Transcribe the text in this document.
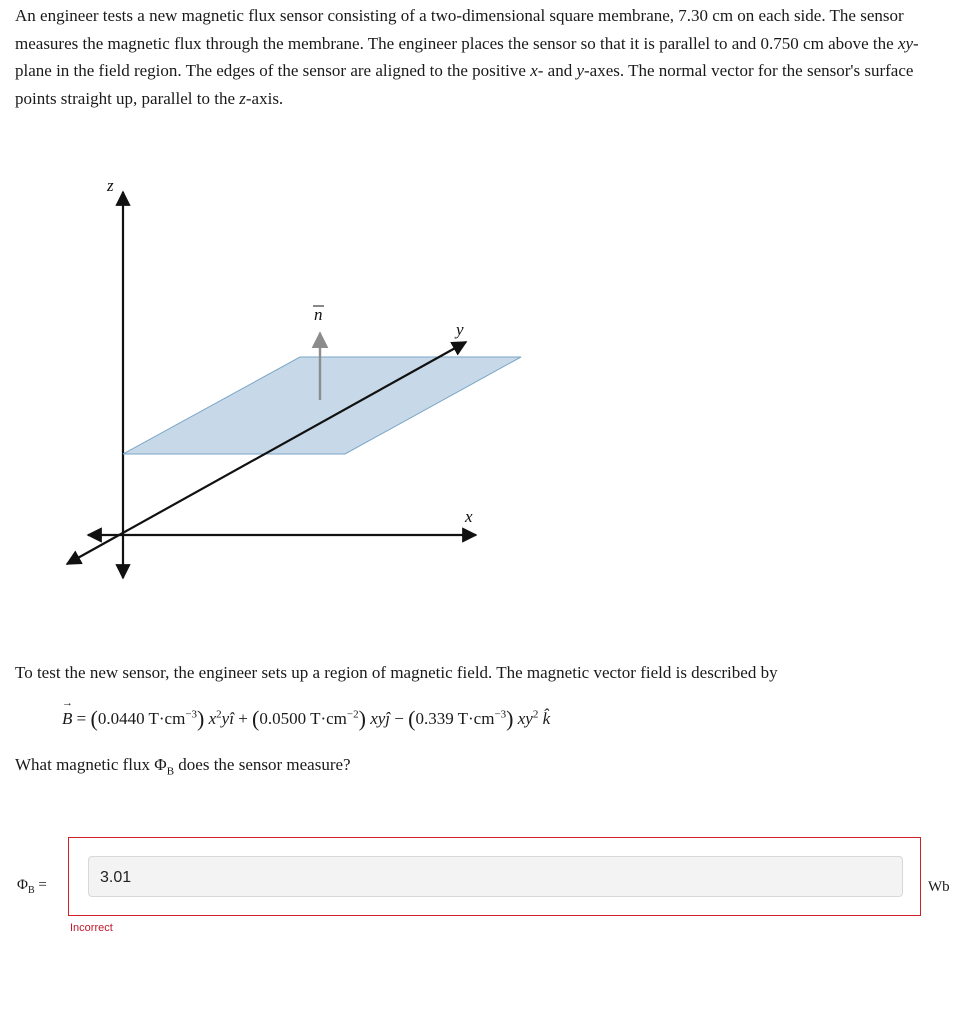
An engineer tests a new magnetic flux sensor consisting of a two-dimensional square membrane, 7.30 cm on each side. The sensor measures the magnetic flux through the membrane. The engineer places the sensor so that it is parallel to and 0.750 cm above the xy-plane in the field region. The edges of the sensor are aligned to the positive x- and y-axes. The normal vector for the sensor's surface points straight up, parallel to the z-axis.
z
y
x
n
To test the new sensor, the engineer sets up a region of magnetic field. The magnetic vector field is described by
B
→
= (0.0440 $T\cdot cm^{-3}$) $x^2yî + (0.0500$ $T\cdot cm^{-2}$) xyĵ − (0.339 $T\cdot cm^{-3}$) $xy^2$ k̂
What magnetic flux $\Phi_B$ does the sensor measure?
$\Phi_B$ =	3.01
Wb
Incorrect
